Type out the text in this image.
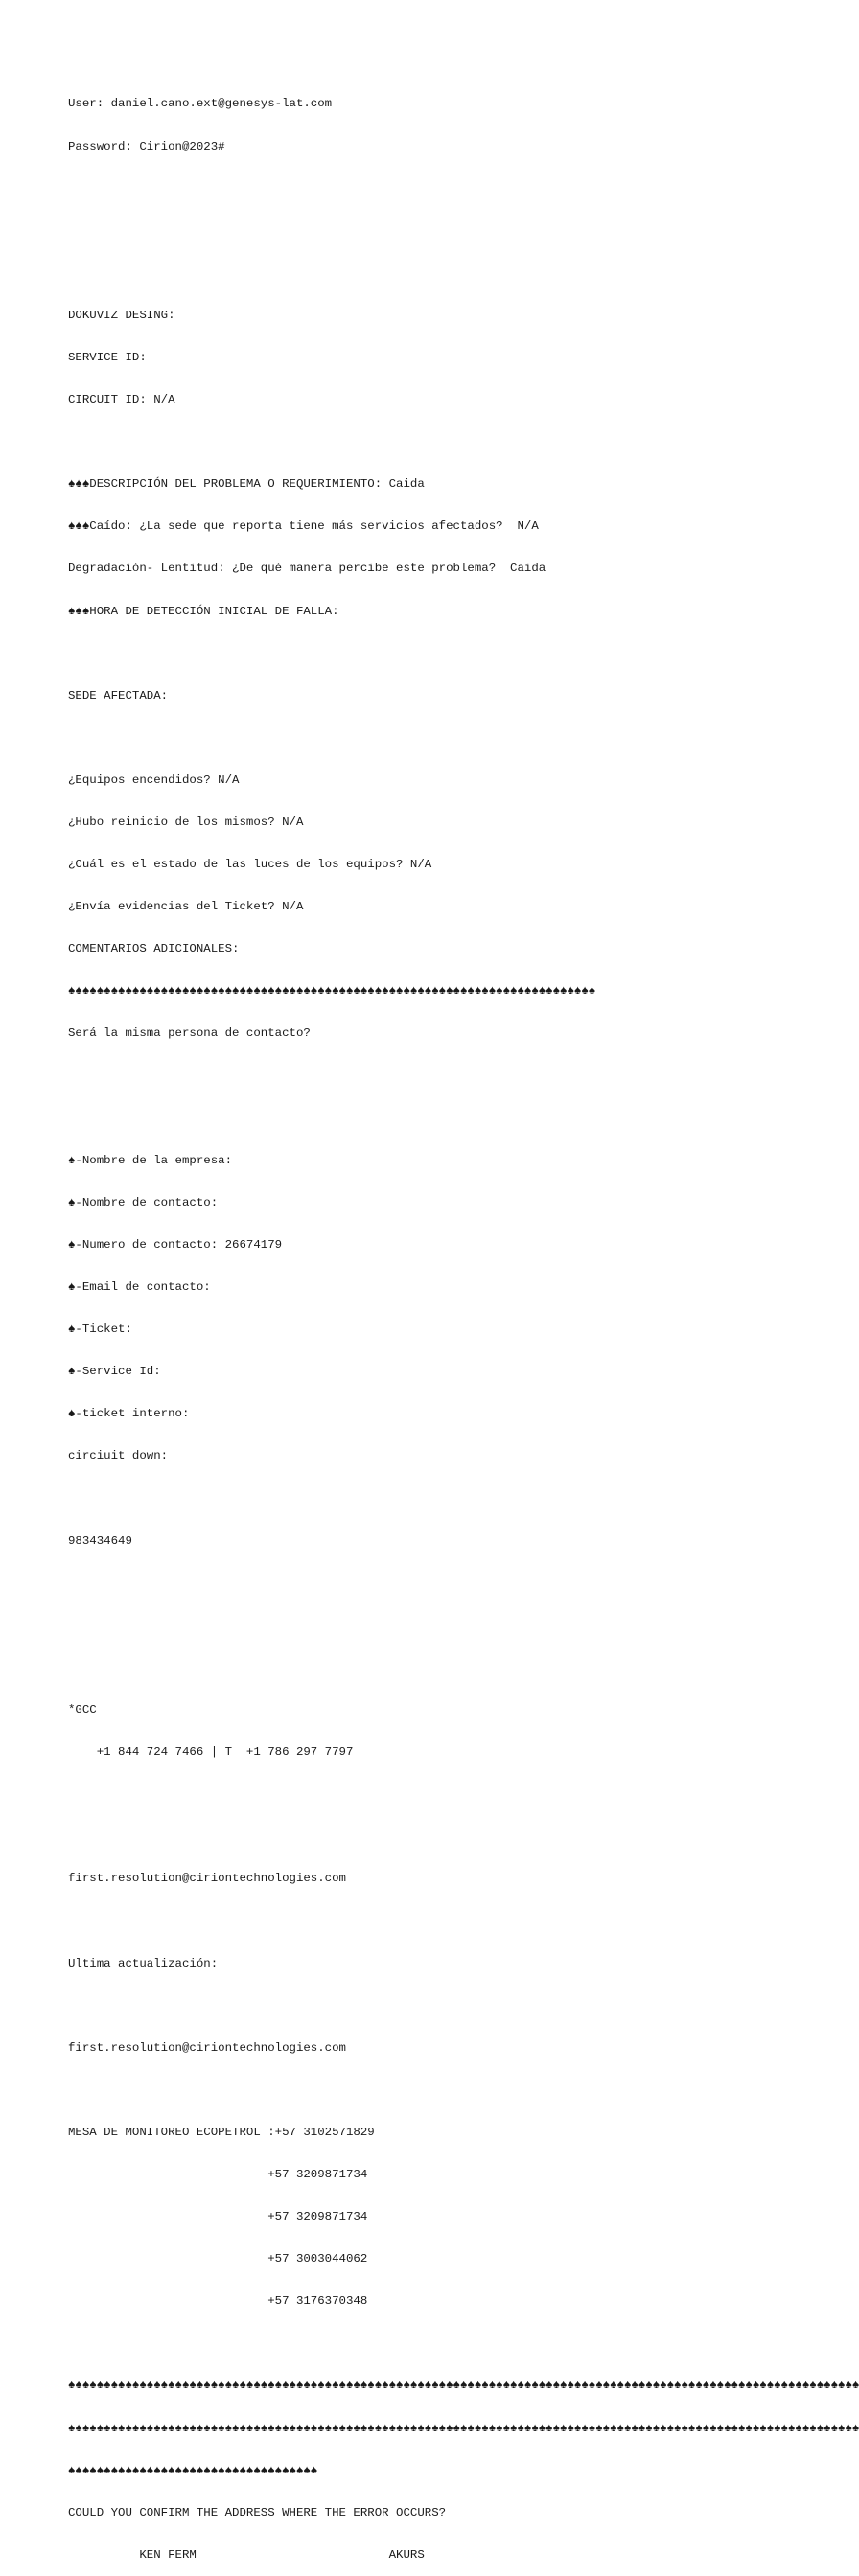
User: daniel.cano.ext@genesys-lat.com

Password: Cirion@2023#

DOKUVIZ DESING:

SERVICE ID:

CIRCUIT ID: N/A

♠♠♠DESCRIPCIÓN DEL PROBLEMA O REQUERIMIENTO: Caida

♠♠♠Caído: ¿La sede que reporta tiene más servicios afectados?  N/A

Degradación- Lentitud: ¿De qué manera percibe este problema?  Caida

♠♠♠HORA DE DETECCIÓN INICIAL DE FALLA:

SEDE AFECTADA:

¿Equipos encendidos? N/A

¿Hubo reinicio de los mismos? N/A

¿Cuál es el estado de las luces de los equipos? N/A

¿Envía evidencias del Ticket? N/A

COMENTARIOS ADICIONALES:

♠♠♠♠♠♠♠♠♠♠♠♠♠♠♠♠♠♠♠♠♠♠♠♠♠♠♠♠♠♠♠♠♠♠♠♠♠♠♠♠♠♠♠♠♠♠♠♠♠♠♠♠♠♠♠♠♠♠♠♠♠♠♠♠♠♠♠♠♠♠♠♠♠♠

Será la misma persona de contacto?

♠-Nombre de la empresa:

♠-Nombre de contacto:

♠-Numero de contacto: 26674179

♠-Email de contacto:

♠-Ticket:

♠-Service Id:

♠-ticket interno:

circiuit down:

983434649

*GCC

+1 844 724 7466 | T  +1 786 297 7797

first.resolution@ciriontechnologies.com

Ultima actualización:

first.resolution@ciriontechnologies.com

MESA DE MONITOREO ECOPETROL :+57 3102571829

+57 3209871734

+57 3209871734

+57 3003044062

+57 3176370348

♠♠♠♠♠♠♠♠♠♠♠♠♠♠♠♠♠♠♠♠♠♠♠♠♠♠♠♠♠♠♠♠♠♠♠♠♠♠♠♠♠♠♠♠♠♠♠♠♠♠♠♠♠♠♠♠♠♠♠♠♠♠♠♠♠♠♠♠♠♠♠♠♠♠♠♠♠♠♠♠♠♠♠♠♠♠♠♠♠♠♠♠♠♠♠♠♠♠♠♠♠♠♠♠♠♠♠♠♠♠♠

♠♠♠♠♠♠♠♠♠♠♠♠♠♠♠♠♠♠♠♠♠♠♠♠♠♠♠♠♠♠♠♠♠♠♠♠♠♠♠♠♠♠♠♠♠♠♠♠♠♠♠♠♠♠♠♠♠♠♠♠♠♠♠♠♠♠♠♠♠♠♠♠♠♠♠♠♠♠♠♠♠♠♠♠♠♠♠♠♠♠♠♠♠♠♠♠♠♠♠♠♠♠♠♠♠♠♠♠♠♠♠

♠♠♠♠♠♠♠♠♠♠♠♠♠♠♠♠♠♠♠♠♠♠♠♠♠♠♠♠♠♠♠♠♠♠♠

COULD YOU CONFIRM THE ADDRESS WHERE THE ERROR OCCURS?

KEN FERM                           AKURS
